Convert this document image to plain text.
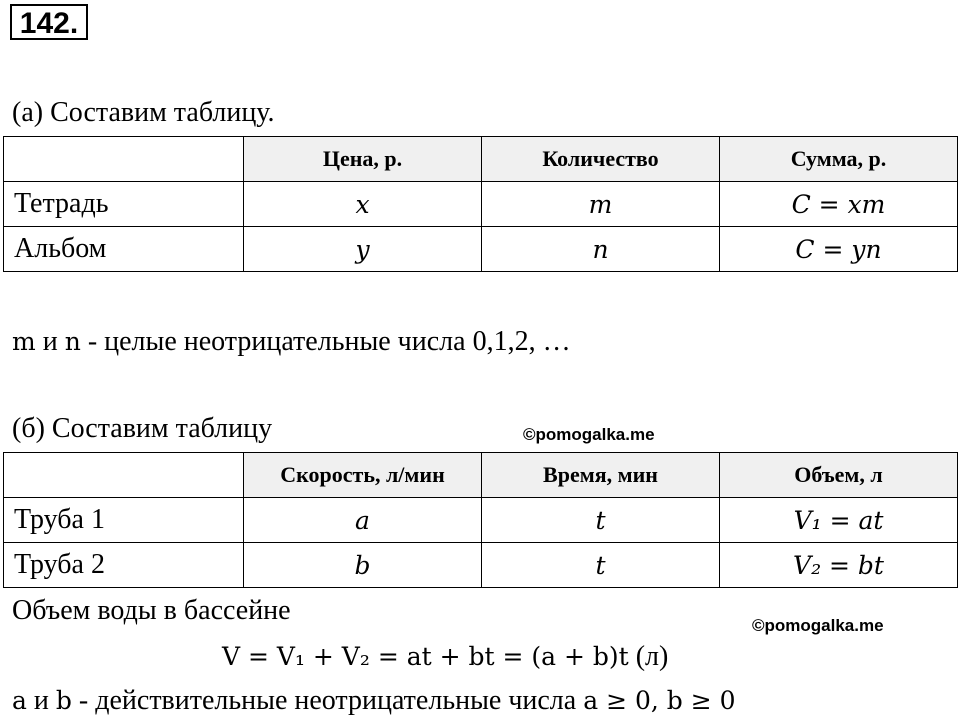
142.
(а) Составим таблицу.
	Цена, р.	Количество	Сумма, р.
Тетрадь	x	m	C = xm
Альбом	y	n	C = yn
m и n - целые неотрицательные числа 0,1,2, …
(б) Составим таблицу	©pomogalka.me
	Скорость, л/мин	Время, мин	Объем, л
Труба 1	a	t	V₁ = at
Труба 2	b	t	V₂ = bt
Объем воды в бассейне	©pomogalka.me
V = V₁ + V₂ = at + bt = (a + b)t (л)
a и b - действительные неотрицательные числа a ≥ 0, b ≥ 0
